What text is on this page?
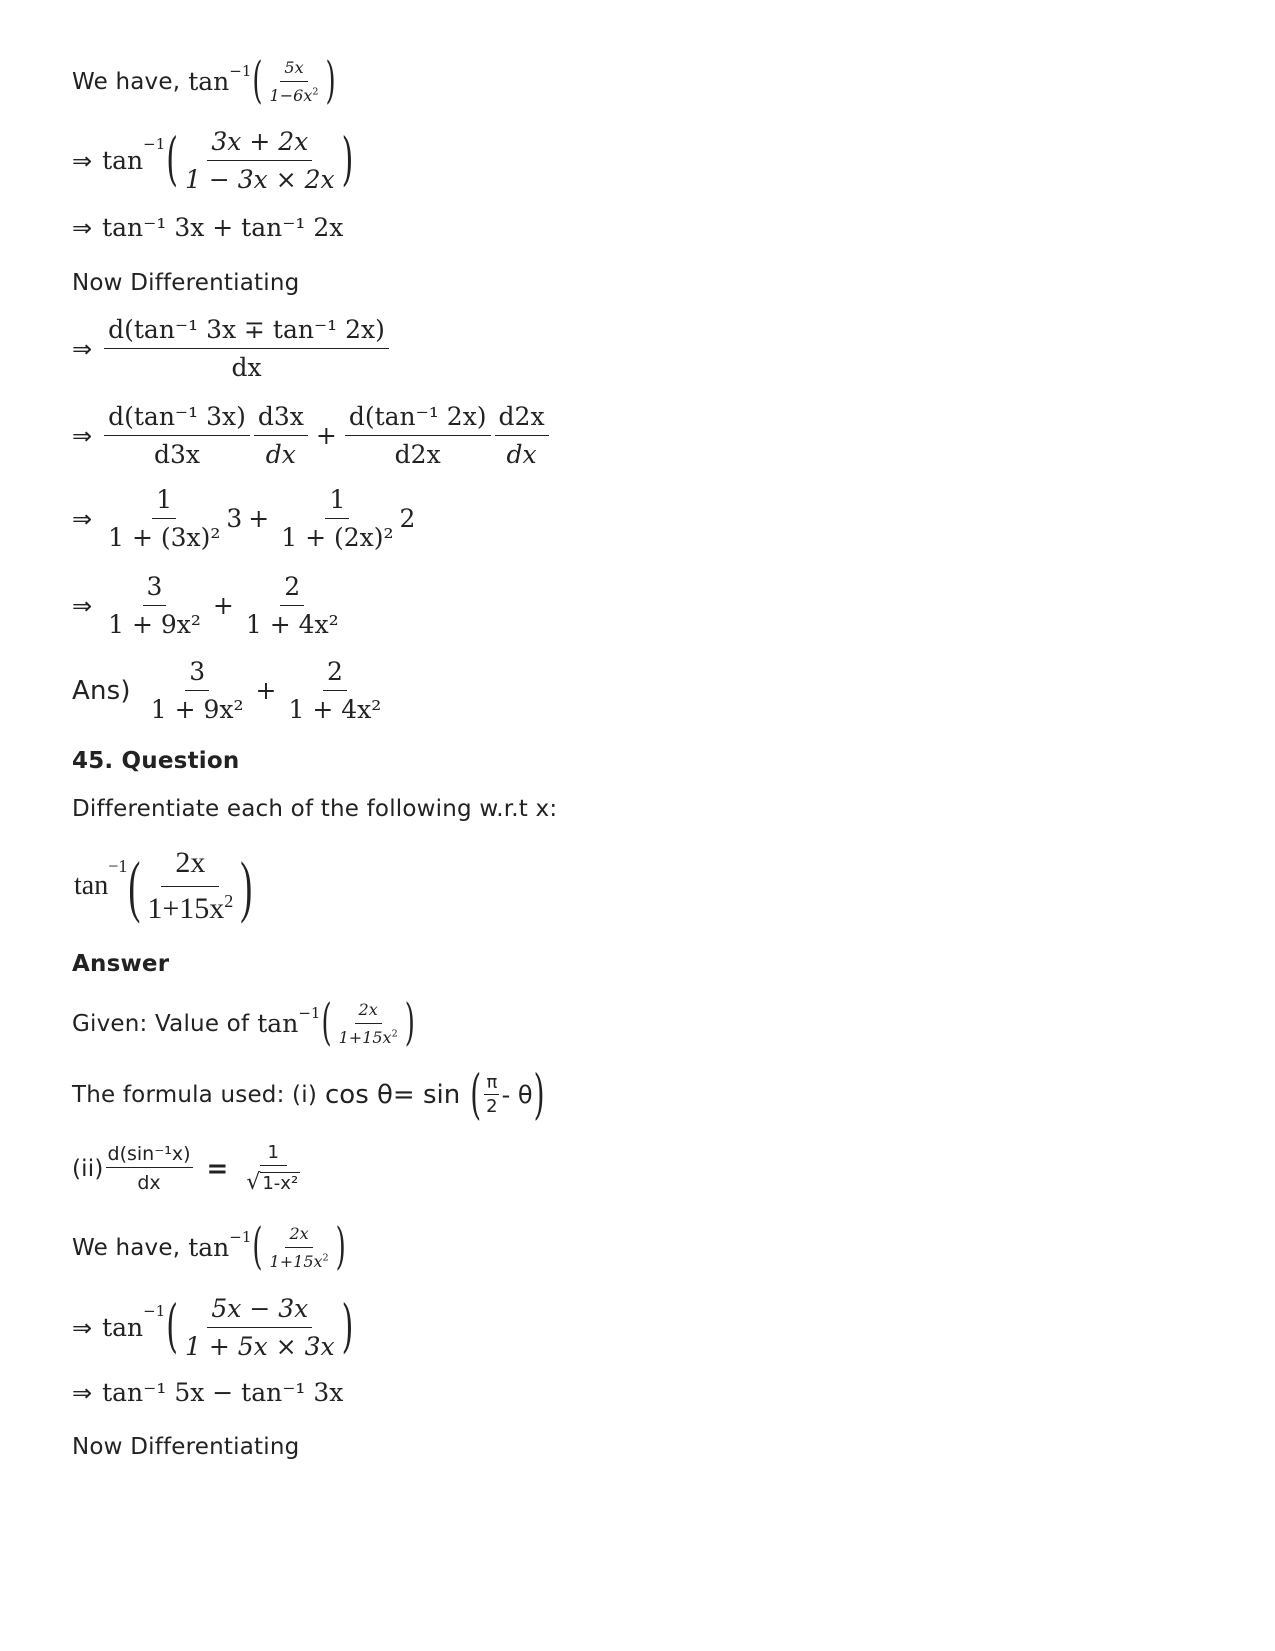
We have, tan −1 ( $\frac{5x}{1-6x^2}$ )
⇒ tan
−1 ( $\frac{3x + 2x}{1 - 3x \times 2x}$ )
⇒ tan⁻¹ 3x + tan⁻¹ 2x
Now Differentiating
⇒ $\frac{\text{d(tan⁻¹ 3x ∓ tan⁻¹ 2x)}}{dx}$
⇒ $\frac{\text{d(tan⁻¹ 3x)}}{d3x} \frac{d3x}{dx} + \frac{\text{d(tan⁻¹ 2x)}}{d2x} \frac{d2x}{dx}$
⇒ $\frac{1}{\text{1 + (3x)²}} 3 + \frac{1}{\text{1 + (2x)²}} 2$
⇒ $\frac{3}{\text{1 + 9x²}} + \frac{2}{\text{1 + 4x²}}$
$Ans) \frac{3}{\text{1 + 9x²}} + \frac{2}{\text{1 + 4x²}}$
45. Question
Differentiate each of the following w.r.t x:
tan
−1 ( $\frac{2x}{1+15x^2}$ )
Answer
Given: Value of tan −1 ( $\frac{2x}{1+15x^2}$ )
The formula used: (i) cos θ= sin ( $\frac{\pi}{2}$ - θ )
$(ii) \frac{\text{d(sin⁻¹x)}}{dx} = \frac{1}{\text{√ 1-x²}}$
We have, tan −1 ( $\frac{2x}{1+15x^2}$ )
⇒ tan
−1 ( $\frac{5x - 3x}{1 + 5x \times 3x}$ )
⇒ tan⁻¹ 5x − tan⁻¹ 3x
Now Differentiating
